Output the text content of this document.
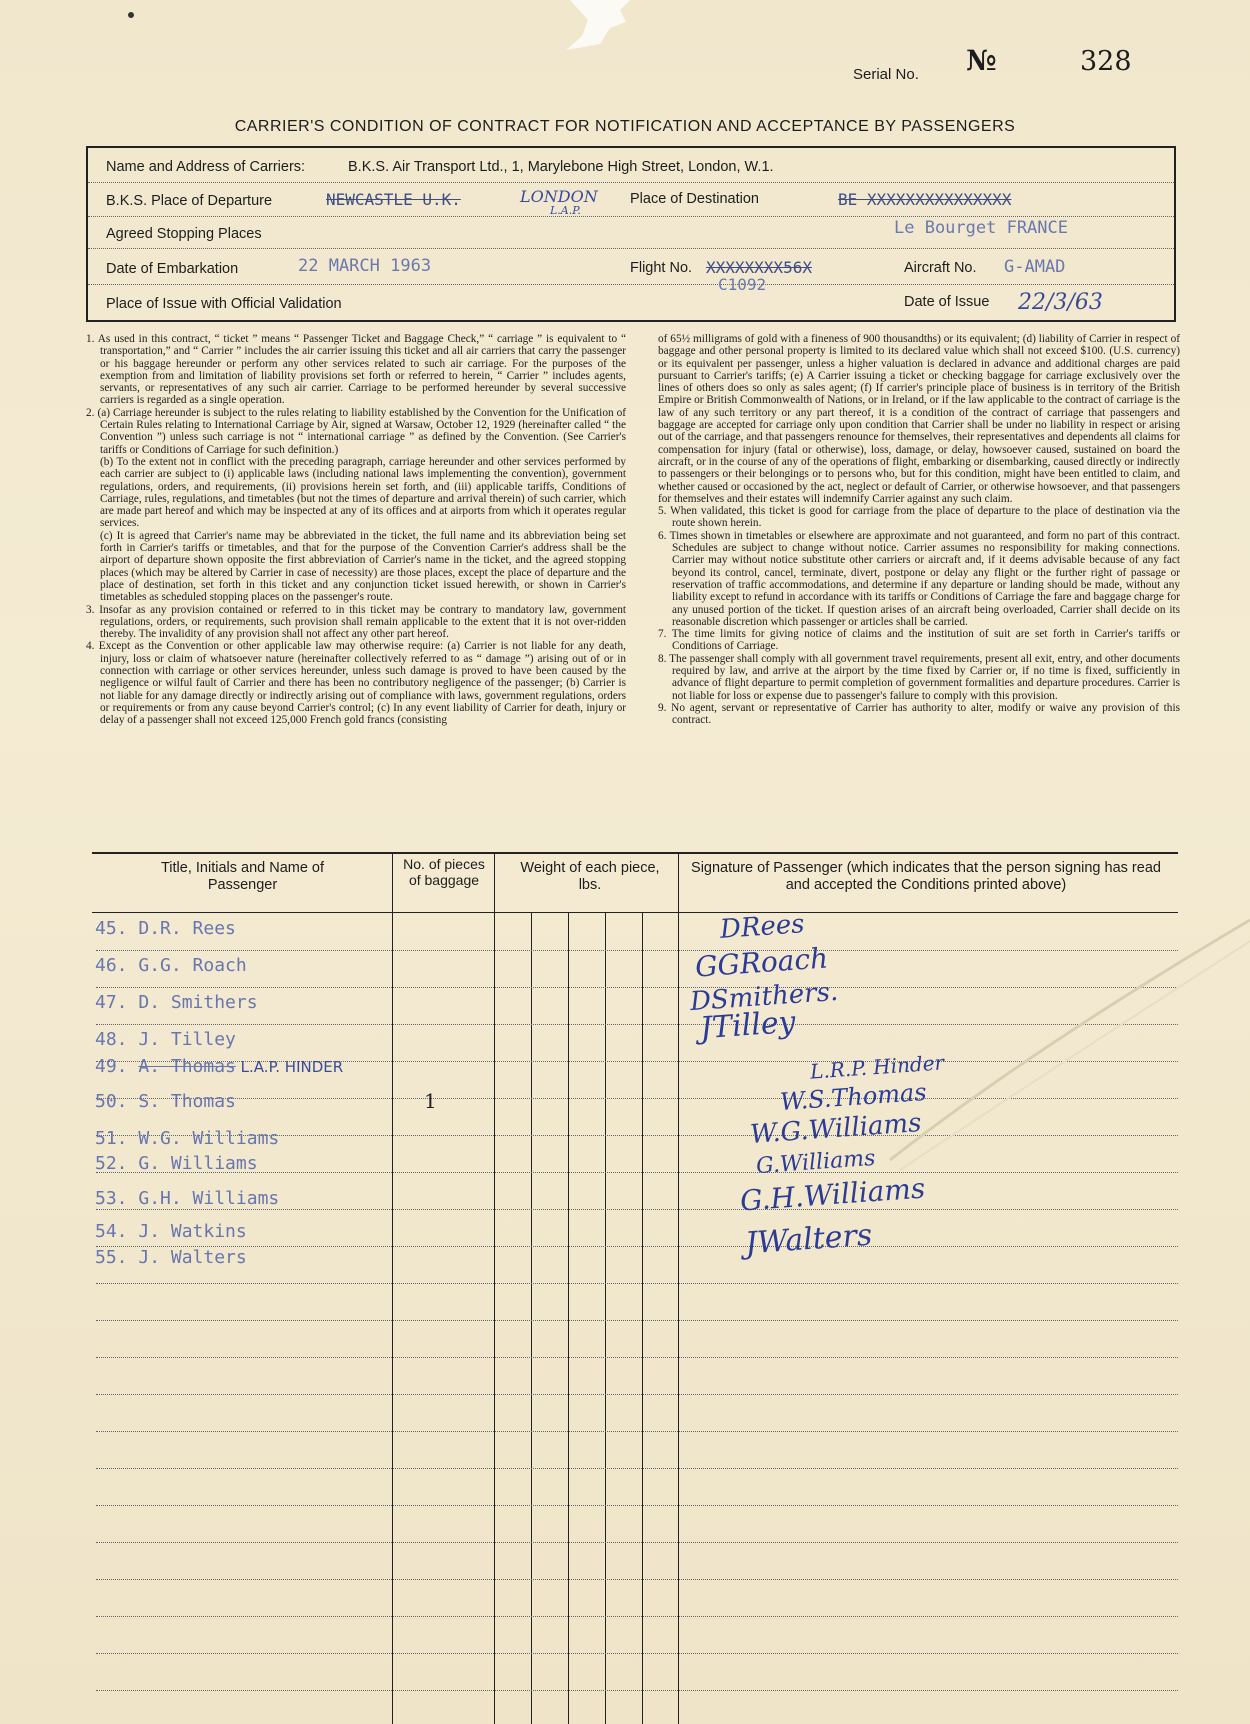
Serial No. №	328
CARRIER'S CONDITION OF CONTRACT FOR NOTIFICATION AND ACCEPTANCE BY PASSENGERS
Name and Address of Carriers:	B.K.S. Air Transport Ltd., 1, Marylebone High Street, London, W.1.
B.K.S. Place of Departure	NEWCASTLE U.K.	LONDON
L.A.P.
Place of Destination	BE XXXXXXXXXXXXXXX
Agreed Stopping Places	Le Bourget FRANCE
Date of Embarkation	22 MARCH 1963	Flight No. XXXXXXXX56X
C1092
Aircraft No. G-AMAD
Place of Issue with Official Validation	Date of Issue 22/3/63

1. As used in this contract, “ ticket ” means “ Passenger Ticket and Baggage Check,” “ carriage ” is equivalent to “ transportation,” and “ Carrier ” includes the air carrier issuing this ticket and all air carriers that carry the passenger or his baggage hereunder or perform any other services related to such air carriage. For the purposes of the exemption from and limitation of liability provisions set forth or referred to herein, “ Carrier ” includes agents, servants, or representatives of any such air carrier. Carriage to be performed hereunder by several successive carriers is regarded as a single operation.

2. (a) Carriage hereunder is subject to the rules relating to liability established by the Convention for the Unification of Certain Rules relating to International Carriage by Air, signed at Warsaw, October 12, 1929 (hereinafter called “ the Convention ”) unless such carriage is not “ international carriage ” as defined by the Convention. (See Carrier's tariffs or Conditions of Carriage for such definition.)

(b) To the extent not in conflict with the preceding paragraph, carriage hereunder and other services performed by each carrier are subject to (i) applicable laws (including national laws implementing the convention), government regulations, orders, and requirements, (ii) provisions herein set forth, and (iii) applicable tariffs, Conditions of Carriage, rules, regulations, and timetables (but not the times of departure and arrival therein) of such carrier, which are made part hereof and which may be inspected at any of its offices and at airports from which it operates regular services.

(c) It is agreed that Carrier's name may be abbreviated in the ticket, the full name and its abbreviation being set forth in Carrier's tariffs or timetables, and that for the purpose of the Convention Carrier's address shall be the airport of departure shown opposite the first abbreviation of Carrier's name in the ticket, and the agreed stopping places (which may be altered by Carrier in case of necessity) are those places, except the place of departure and the place of destination, set forth in this ticket and any conjunction ticket issued herewith, or shown in Carrier's timetables as scheduled stopping places on the passenger's route.

3. Insofar as any provision contained or referred to in this ticket may be contrary to mandatory law, government regulations, orders, or requirements, such provision shall remain applicable to the extent that it is not over-ridden thereby. The invalidity of any provision shall not affect any other part hereof.

4. Except as the Convention or other applicable law may otherwise require: (a) Carrier is not liable for any death, injury, loss or claim of whatsoever nature (hereinafter collectively referred to as “ damage ”) arising out of or in connection with carriage or other services hereunder, unless such damage is proved to have been caused by the negligence or wilful fault of Carrier and there has been no contributory negligence of the passenger; (b) Carrier is not liable for any damage directly or indirectly arising out of compliance with laws, government regulations, orders or requirements or from any cause beyond Carrier's control; (c) In any event liability of Carrier for death, injury or delay of a passenger shall not exceed 125,000 French gold francs (consisting

of 65½ milligrams of gold with a fineness of 900 thousandths) or its equivalent; (d) liability of Carrier in respect of baggage and other personal property is limited to its declared value which shall not exceed $100. (U.S. currency) or its equivalent per passenger, unless a higher valuation is declared in advance and additional charges are paid pursuant to Carrier's tariffs; (e) A Carrier issuing a ticket or checking baggage for carriage exclusively over the lines of others does so only as sales agent; (f) If carrier's principle place of business is in territory of the British Empire or British Commonwealth of Nations, or in Ireland, or if the law applicable to the contract of carriage is the law of any such territory or any part thereof, it is a condition of the contract of carriage that passengers and baggage are accepted for carriage only upon condition that Carrier shall be under no liability in respect or arising out of the carriage, and that passengers renounce for themselves, their representatives and dependents all claims for compensation for injury (fatal or otherwise), loss, damage, or delay, howsoever caused, sustained on board the aircraft, or in the course of any of the operations of flight, embarking or disembarking, caused directly or indirectly to passengers or their belongings or to persons who, but for this condition, might have been entitled to claim, and whether caused or occasioned by the act, neglect or default of Carrier, or otherwise howsoever, and that passengers for themselves and their estates will indemnify Carrier against any such claim.

5. When validated, this ticket is good for carriage from the place of departure to the place of destination via the route shown herein.

6. Times shown in timetables or elsewhere are approximate and not guaranteed, and form no part of this contract. Schedules are subject to change without notice. Carrier assumes no responsibility for making connections. Carrier may without notice substitute other carriers or aircraft and, if it deems advisable because of any fact beyond its control, cancel, terminate, divert, postpone or delay any flight or the further right of passage or reservation of traffic accommodations, and determine if any departure or landing should be made, without any liability except to refund in accordance with its tariffs or Conditions of Carriage the fare and baggage charge for any unused portion of the ticket. If question arises of an aircraft being overloaded, Carrier shall decide on its reasonable discretion which passenger or articles shall be carried.

7. The time limits for giving notice of claims and the institution of suit are set forth in Carrier's tariffs or Conditions of Carriage.

8. The passenger shall comply with all government travel requirements, present all exit, entry, and other documents required by law, and arrive at the airport by the time fixed by Carrier or, if no time is fixed, sufficiently in advance of flight departure to permit completion of government formalities and departure procedures. Carrier is not liable for loss or expense due to passenger's failure to comply with this provision.

9. No agent, servant or representative of Carrier has authority to alter, modify or waive any provision of this contract.

Title, Initials and Name of Passenger
No. of pieces of baggage
Weight of each piece, lbs.
Signature of Passenger (which indicates that the person signing has read and accepted the Conditions printed above)
45. D.R. Rees	DRees
46. G.G. Roach	GGRoach
47. D. Smithers	DSmithers.
48. J. Tilley	JTilley
49. A. Thomas L.A.P. HINDER	L.R.P. Hinder
50. S. Thomas	1	W.S.Thomas
51. W.G. Williams	W.G.Williams
52. G. Williams	G.Williams
53. G.H. Williams	G.H.Williams
54. J. Watkins
55. J. Walters	JWalters
